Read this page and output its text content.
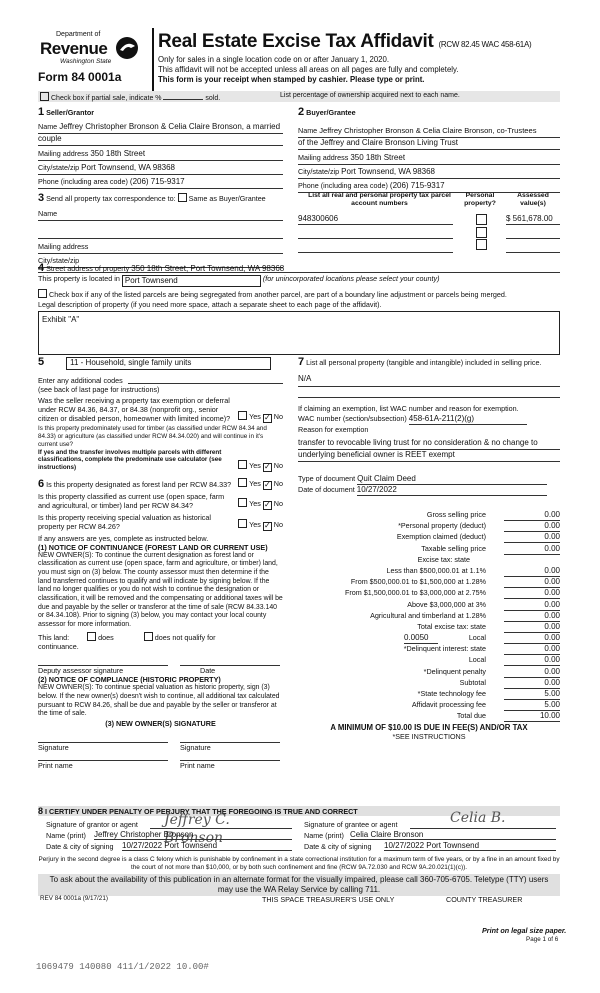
Department of
Revenue
Washington State
Form 84 0001a
Real Estate Excise Tax Affidavit (RCW 82.45 WAC 458-61A)
Only for sales in a single location code on or after January 1, 2020.
This affidavit will not be accepted unless all areas on all pages are fully and completely.
This form is your receipt when stamped by cashier. Please type or print.
Check box if partial sale, indicate %	sold.	List percentage of ownership acquired next to each name.
1 Seller/Grantor
Name Jeffrey Christopher Bronson & Celia Claire Bronson, a married
couple
Mailing address 350 18th Street
City/state/zip Port Townsend, WA 98368
Phone (including area code) (206) 715-9317
2 Buyer/Grantee
Name Jeffrey Christopher Bronson & Celia Claire Bronson, co-Trustees
of the Jeffrey and Claire Bronson Living Trust
Mailing address 350 18th Street
City/state/zip Port Townsend, WA 98368
Phone (including area code) (206) 715-9317
3 Send all property tax correspondence to: Same as Buyer/Grantee
Name
Mailing address
City/state/zip
List all real and personal property tax parcel account numbers
Personal property?
Assessed value(s)
948300606	$ 561,678.00
4 Street address of property 350 18th Street, Port Townsend, WA 98368
This property is located in Port Townsend	(for unincorporated locations please select your county)
Check box if any of the listed parcels are being segregated from another parcel, are part of a boundary line adjustment or parcels being merged.
Legal description of property (if you need more space, attach a separate sheet to each page of the affidavit).
Exhibit "A"
5	11 - Household, single family units
Enter any additional codes
(see back of last page for instructions)
Was the seller receiving a property tax exemption or deferral under RCW 84.36, 84.37, or 84.38 (nonprofit org., senior citizen or disabled person, homeowner with limited income)?	Yes ✓ No
Is this property predominately used for timber (as classified under RCW 84.34 and 84.33) or agriculture (as classified under RCW 84.34.020) and will continue in it's current use?
If yes and the transfer involves multiple parcels with different classifications, complete the predominate use calculator (see instructions)	Yes ✓ No
6 Is this property designated as forest land per RCW 84.33?	Yes ✓ No
Is this property classified as current use (open space, farm and agricultural, or timber) land per RCW 84.34?	Yes ✓ No
Is this property receiving special valuation as historical property per RCW 84.26?	Yes ✓ No
If any answers are yes, complete as instructed below.
(1) NOTICE OF CONTINUANCE (FOREST LAND OR CURRENT USE)
NEW OWNER(S): To continue the current designation as forest land or classification as current use (open space, farm and agriculture, or timber) land, you must sign on (3) below. The county assessor must then determine if the land transferred continues to qualify and will indicate by signing below. If the land no longer qualifies or you do not wish to continue the designation or classification, it will be removed and the compensating or additional taxes will be due and payable by the seller or transferor at the time of sale (RCW 84.33.140 or 84.34.108). Prior to signing (3) below, you may contact your local county assessor for more information.
This land:	does	does not qualify for
continuance.
Deputy assessor signature	Date
(2) NOTICE OF COMPLIANCE (HISTORIC PROPERTY)
NEW OWNER(S): To continue special valuation as historic property, sign (3) below. If the new owner(s) doesn't wish to continue, all additional tax calculated pursuant to RCW 84.26, shall be due and payable by the seller or transferor at the time of sale.
(3) NEW OWNER(S) SIGNATURE
Signature	Signature
Print name	Print name
7 List all personal property (tangible and intangible) included in selling price.
N/A
If claiming an exemption, list WAC number and reason for exemption.
WAC number (section/subsection) 458-61A-211(2)(g)
Reason for exemption
transfer to revocable living trust for no consideration & no change to
underlying beneficial owner is REET exempt
Type of document Quit Claim Deed
Date of document 10/27/2022
Gross selling price	0.00
*Personal property (deduct)	0.00
Exemption claimed (deduct)	0.00
Taxable selling price	0.00
Excise tax: state
Less than $500,000.01 at 1.1%	0.00
From $500,000.01 to $1,500,000 at 1.28%	0.00
From $1,500,000.01 to $3,000,000 at 2.75%	0.00
Above $3,000,000 at 3%	0.00
Agricultural and timberland at 1.28%	0.00
Total excise tax: state	0.00
0.0050	Local	0.00
*Delinquent interest: state	0.00
Local	0.00
*Delinquent penalty	0.00
Subtotal	0.00
*State technology fee	5.00
Affidavit processing fee	5.00
Total due	10.00
A MINIMUM OF $10.00 IS DUE IN FEE(S) AND/OR TAX
*SEE INSTRUCTIONS
8 I CERTIFY UNDER PENALTY OF PERJURY THAT THE FOREGOING IS TRUE AND CORRECT
Signature of grantor or agent Jeffrey C. Bronson
Signature of grantee or agent	Celia B.
Name (print) Jeffrey Christopher Bronson	Name (print) Celia Claire Bronson
Date & city of signing 10/27/2022 Port Townsend	Date & city of signing 10/27/2022 Port Townsend
Perjury in the second degree is a class C felony which is punishable by confinement in a state correctional institution for a maximum term of five years, or by a fine in an amount fixed by the court of not more than $10,000, or by both such confinement and fine (RCW 9A.72.030 and RCW 9A.20.021(1)(c)).
To ask about the availability of this publication in an alternate format for the visually impaired, please call 360-705-6705. Teletype (TTY) users may use the WA Relay Service by calling 711.
REV 84 0001a (9/17/21)	THIS SPACE TREASURER'S USE ONLY	COUNTY TREASURER
Print on legal size paper.
Page 1 of 6
1069479 140080 411/1/2022 10.00#
